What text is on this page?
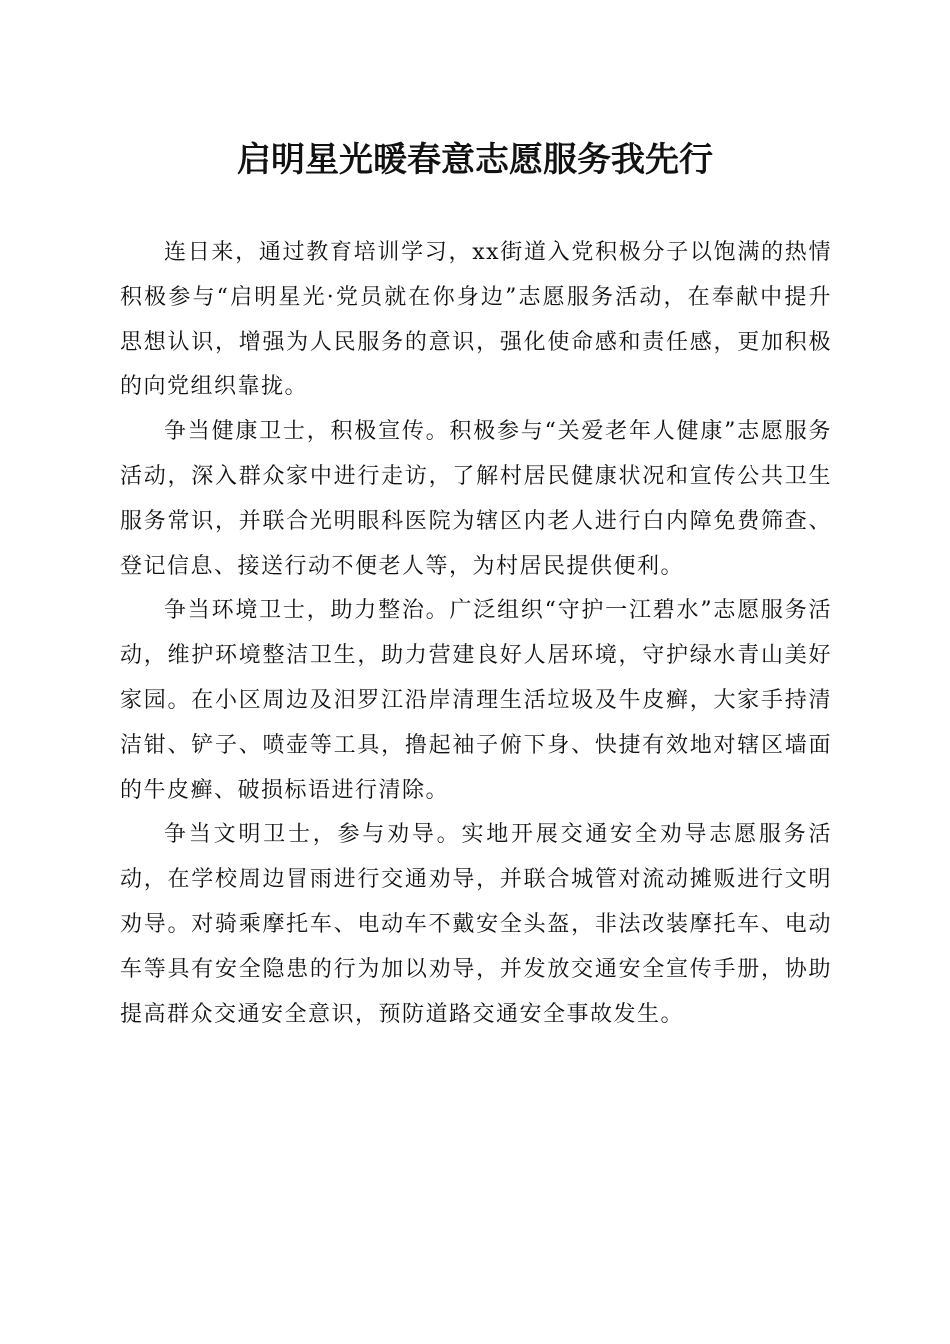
启明星光暖春意志愿服务我先行

连日来，通过教育培训学习，xx街道入党积极分子以饱满的热情积极参与“启明星光·党员就在你身边”志愿服务活动，在奉献中提升思想认识，增强为人民服务的意识，强化使命感和责任感，更加积极的向党组织靠拢。

争当健康卫士，积极宣传。积极参与“关爱老年人健康”志愿服务活动，深入群众家中进行走访，了解村居民健康状况和宣传公共卫生服务常识，并联合光明眼科医院为辖区内老人进行白内障免费筛查、登记信息、接送行动不便老人等，为村居民提供便利。

争当环境卫士，助力整治。广泛组织“守护一江碧水”志愿服务活动，维护环境整洁卫生，助力营建良好人居环境，守护绿水青山美好家园。在小区周边及汨罗江沿岸清理生活垃圾及牛皮癣，大家手持清洁钳、铲子、喷壶等工具，撸起袖子俯下身、快捷有效地对辖区墙面的牛皮癣、破损标语进行清除。

争当文明卫士，参与劝导。实地开展交通安全劝导志愿服务活动，在学校周边冒雨进行交通劝导，并联合城管对流动摊贩进行文明劝导。对骑乘摩托车、电动车不戴安全头盔，非法改装摩托车、电动车等具有安全隐患的行为加以劝导，并发放交通安全宣传手册，协助提高群众交通安全意识，预防道路交通安全事故发生。
